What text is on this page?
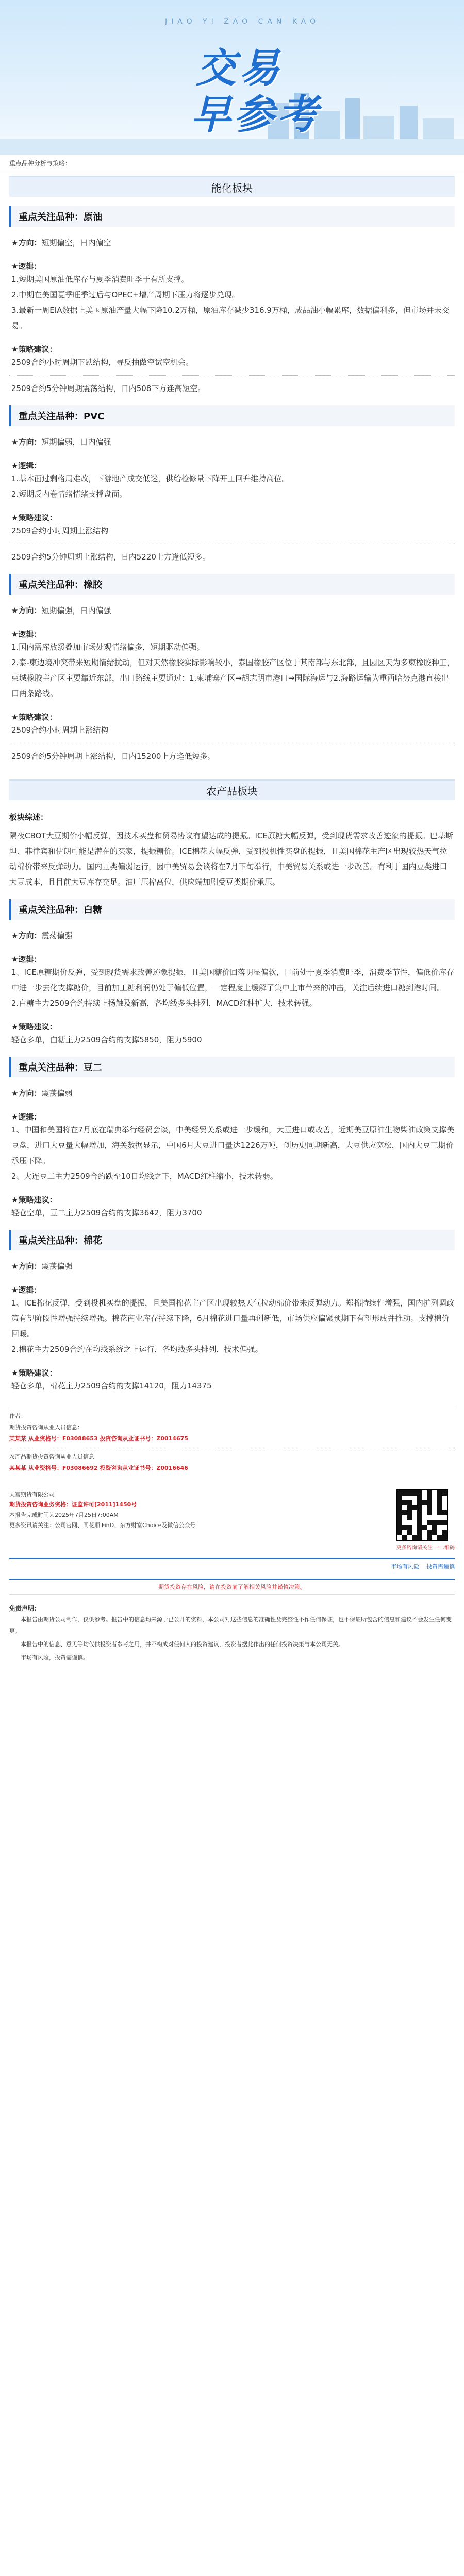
JIAO YI ZAO CAN KAO
交易
早参考
重点品种分析与策略：
能化板块
重点关注品种：原油
★方向：短期偏空，日内偏空
★逻辑：
1.短期美国原油低库存与夏季消费旺季于有所支撑。
2.中期在美国夏季旺季过后与OPEC+增产周期下压力将逐步兑现。
3.最新一周EIA数据上美国原油产量大幅下降10.2万桶，原油库存减少316.9万桶，成品油小幅累库，数据偏利多，但市场并未交易。
★策略建议：
2509合约小时周期下跌结构，寻反抽做空试空机会。
2509合约5分钟周期震荡结构，日内508下方逢高短空。
重点关注品种：PVC
★方向：短期偏弱，日内偏强
★逻辑：
1.基本面过剩格局难改，下游地产成交低迷，供给检修量下降开工回升维持高位。
2.短期反内卷情绪情绪支撑盘面。
★策略建议：
2509合约小时周期上涨结构
2509合约5分钟周期上涨结构，日内5220上方逢低短多。
重点关注品种：橡胶
★方向：短期偏强，日内偏强
★逻辑：
1.国内需库放缓叠加市场处观情绪偏多，短期驱动偏强。
2.泰-柬边境冲突带来短期情绪扰动，但对天然橡胶实际影响较小，泰国橡胶产区位于其南部与东北部，且园区天为多柬橡胶种工，柬城橡胶主产区主要靠近东部，出口路线主要通过：1.柬埔寨产区→胡志明市港口→国际海运与2.海路运输为重西哈努克港直接出口两条路线。
★策略建议：
2509合约小时周期上涨结构
2509合约5分钟周期上涨结构，日内15200上方逢低短多。
农产品板块
板块综述：
隔夜CBOT大豆期价小幅反弹，因技术买盘和贸易协议有望达成的提振。ICE原糖大幅反弹，受到现货需求改善迹象的提振。巴基斯坦、菲律宾和伊朗可能是潜在的买家，提振糖价。ICE棉花大幅反弹，受到投机性买盘的提振，且美国棉花主产区出现较热天气拉动棉价带来反弹动力。国内豆类偏弱运行，因中美贸易会谈将在7月下旬举行，中美贸易关系或进一步改善。有利于国内豆类进口大豆成本，且目前大豆库存充足。油厂压榨高位，供应端加剧受豆类期价承压。
重点关注品种：白糖
★方向：震荡偏强
★逻辑：
1、ICE原糖期价反弹，受到现货需求改善迹象提振，且美国糖价回落明显偏软，目前处于夏季消费旺季，消费季节性，偏低价库存中进一步去化支撑糖价，目前加工糖利润仍处于偏低位置，一定程度上缓解了集中上市带来的冲击，关注后续进口糖到港时间。
2.白糖主力2509合约持续上扬触及新高，各均线多头排列，MACD红柱扩大，技术转强。
★策略建议：
轻仓多单，白糖主力2509合约的支撑5850，阻力5900
重点关注品种：豆二
★方向：震荡偏弱
★逻辑：
1、中国和美国将在7月底在瑞典举行经贸会谈，中美经贸关系或进一步缓和，大豆进口或改善，近期美豆原油生物柴油政策支撑美豆盘，进口大豆量大幅增加，海关数据显示，中国6月大豆进口量达1226万吨，创历史同期新高，大豆供应宽松，国内大豆三期价承压下降。
2、大连豆二主力2509合约跌至10日均线之下，MACD红柱缩小，技术转弱。
★策略建议：
轻仓空单，豆二主力2509合约的支撑3642，阻力3700
重点关注品种：棉花
★方向：震荡偏强
★逻辑：
1、ICE棉花反弹，受到投机买盘的提振，且美国棉花主产区出现较热天气拉动棉价带来反弹动力。郑棉持续性增强，国内扩列调政策有望阶段性增强持续增强。棉花商业库存持续下降，6月棉花进口量再创新低，市场供应偏紧预期下有望形成并推动。支撑棉价回暖。
2.棉花主力2509合约在均线系统之上运行，各均线多头排列，技术偏强。
★策略建议：
轻仓多单，棉花主力2509合约的支撑14120，阻力14375
作者：
期货投资咨询从业人员信息：
某某某 从业资格号：F03088653 投资咨询从业证书号：Z0014675
农产品期货投资咨询从业人员信息
某某某 从业资格号：F03086692 投资咨询从业证书号：Z0016646
天富期货有限公司
期货投资咨询业务资格：证监许可[2011]1450号
本报告完成时间为2025年7月25日7:00AM
更多资讯请关注：公司官网、同花顺iFinD、东方财富Choice及微信公众号
更多咨询请关注 一二维码
市场有风险 投资需谨慎
期货投资存在风险，请在投资前了解相关风险并谨慎决策。
免责声明：

本报告由期货公司制作，仅供参考。报告中的信息均来源于已公开的资料，本公司对这些信息的准确性及完整性不作任何保证，也不保证所包含的信息和建议不会发生任何变更。

本报告中的信息、意见等均仅供投资者参考之用，并不构成对任何人的投资建议，投资者据此作出的任何投资决策与本公司无关。

市场有风险，投资需谨慎。
